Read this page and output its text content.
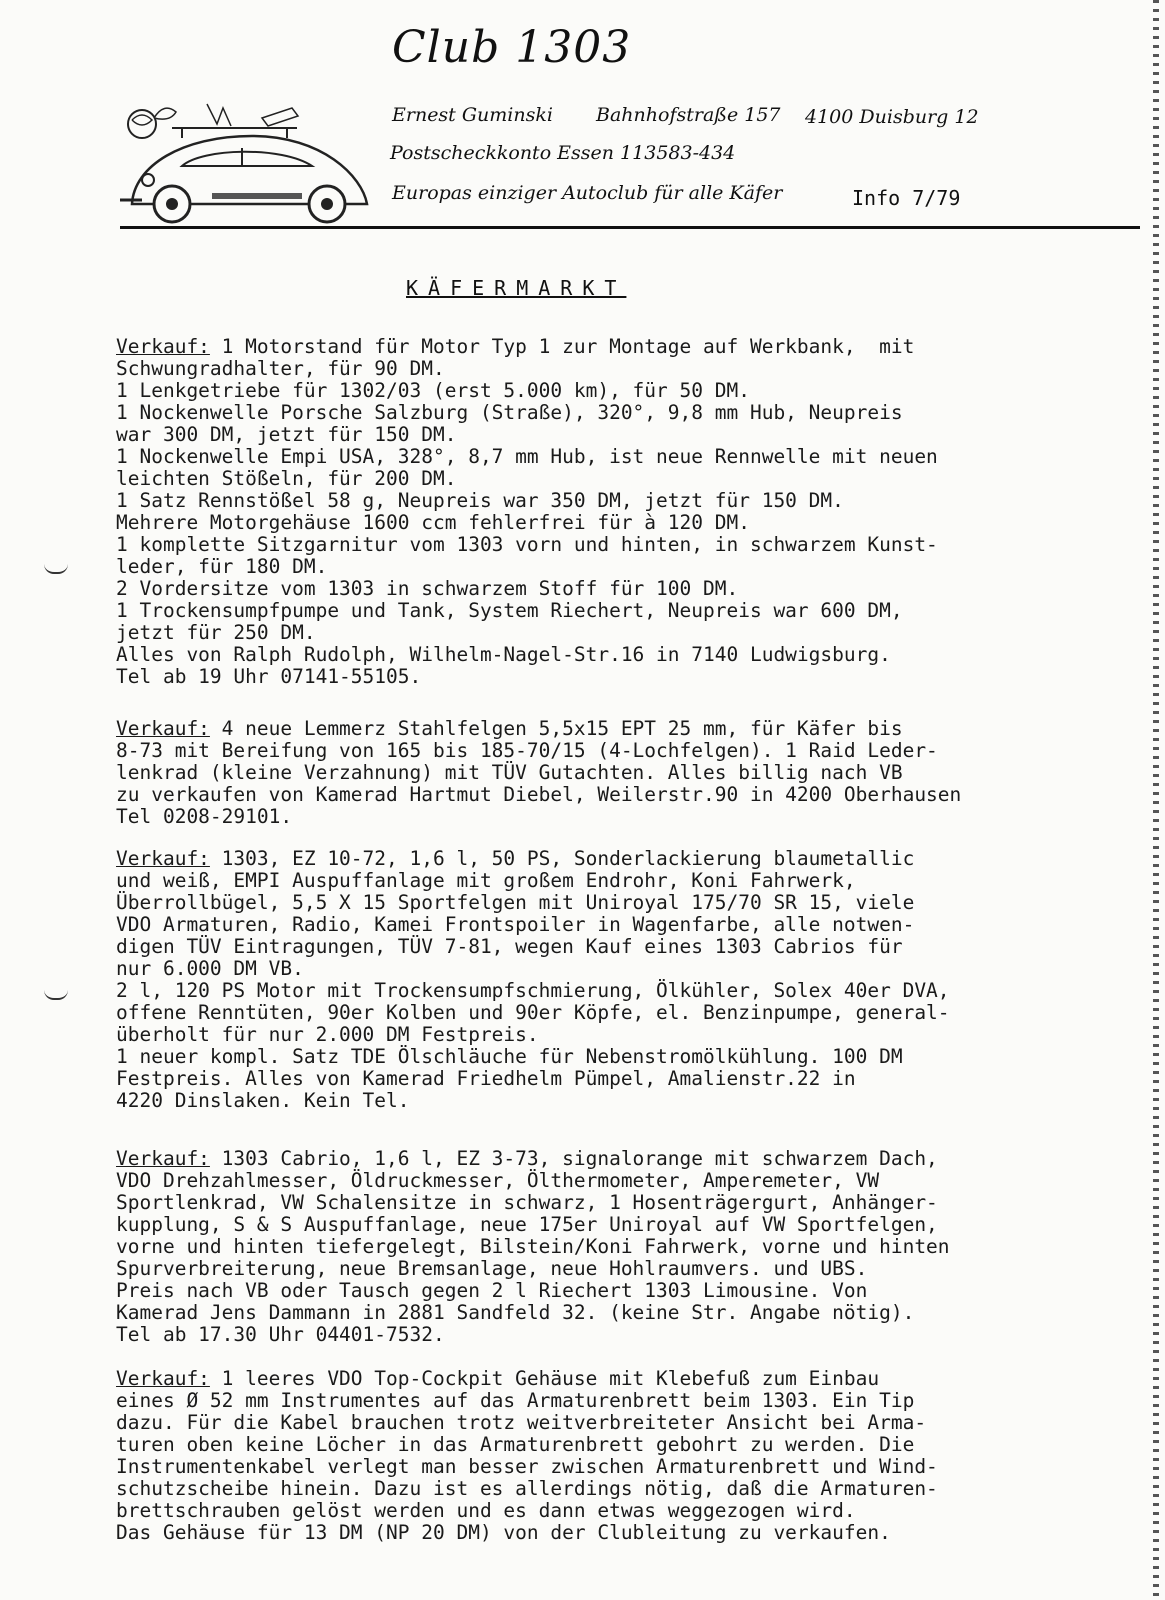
Club 1303
Ernest Guminski Bahnhofstraße 157 4100 Duisburg 12
Postscheckkonto Essen 113583-434
Europas einziger Autoclub für alle Käfer	Info 7/79
KÄFERMARKT

Verkauf: 1 Motorstand für Motor Typ 1 zur Montage auf Werkbank,  mit

Schwungradhalter, für 90 DM.

1 Lenkgetriebe für 1302/03 (erst 5.000 km), für 50 DM.

1 Nockenwelle Porsche Salzburg (Straße), 320°, 9,8 mm Hub, Neupreis

war 300 DM, jetzt für 150 DM.

1 Nockenwelle Empi USA, 328°, 8,7 mm Hub, ist neue Rennwelle mit neuen

leichten Stößeln, für 200 DM.

1 Satz Rennstößel 58 g, Neupreis war 350 DM, jetzt für 150 DM.

Mehrere Motorgehäuse 1600 ccm fehlerfrei für à 120 DM.

1 komplette Sitzgarnitur vom 1303 vorn und hinten, in schwarzem Kunst-

leder, für 180 DM.

2 Vordersitze vom 1303 in schwarzem Stoff für 100 DM.

1 Trockensumpfpumpe und Tank, System Riechert, Neupreis war 600 DM,

jetzt für 250 DM.

Alles von Ralph Rudolph, Wilhelm-Nagel-Str.16 in 7140 Ludwigsburg.

Tel ab 19 Uhr 07141-55105.

Verkauf: 4 neue Lemmerz Stahlfelgen 5,5x15 EPT 25 mm, für Käfer bis

8-73 mit Bereifung von 165 bis 185-70/15 (4-Lochfelgen). 1 Raid Leder-

lenkrad (kleine Verzahnung) mit TÜV Gutachten. Alles billig nach VB

zu verkaufen von Kamerad Hartmut Diebel, Weilerstr.90 in 4200 Oberhausen

Tel 0208-29101.

Verkauf: 1303, EZ 10-72, 1,6 l, 50 PS, Sonderlackierung blaumetallic

und weiß, EMPI Auspuffanlage mit großem Endrohr, Koni Fahrwerk,

Überrollbügel, 5,5 X 15 Sportfelgen mit Uniroyal 175/70 SR 15, viele

VDO Armaturen, Radio, Kamei Frontspoiler in Wagenfarbe, alle notwen-

digen TÜV Eintragungen, TÜV 7-81, wegen Kauf eines 1303 Cabrios für

nur 6.000 DM VB.

2 l, 120 PS Motor mit Trockensumpfschmierung, Ölkühler, Solex 40er DVA,

offene Renntüten, 90er Kolben und 90er Köpfe, el. Benzinpumpe, general-

überholt für nur 2.000 DM Festpreis.

1 neuer kompl. Satz TDE Ölschläuche für Nebenstromölkühlung. 100 DM

Festpreis. Alles von Kamerad Friedhelm Pümpel, Amalienstr.22 in

4220 Dinslaken. Kein Tel.

Verkauf: 1303 Cabrio, 1,6 l, EZ 3-73, signalorange mit schwarzem Dach,

VDO Drehzahlmesser, Öldruckmesser, Ölthermometer, Amperemeter, VW

Sportlenkrad, VW Schalensitze in schwarz, 1 Hosenträgergurt, Anhänger-

kupplung, S & S Auspuffanlage, neue 175er Uniroyal auf VW Sportfelgen,

vorne und hinten tiefergelegt, Bilstein/Koni Fahrwerk, vorne und hinten

Spurverbreiterung, neue Bremsanlage, neue Hohlraumvers. und UBS.

Preis nach VB oder Tausch gegen 2 l Riechert 1303 Limousine. Von

Kamerad Jens Dammann in 2881 Sandfeld 32. (keine Str. Angabe nötig).

Tel ab 17.30 Uhr 04401-7532.

Verkauf: 1 leeres VDO Top-Cockpit Gehäuse mit Klebefuß zum Einbau

eines Ø 52 mm Instrumentes auf das Armaturenbrett beim 1303. Ein Tip

dazu. Für die Kabel brauchen trotz weitverbreiteter Ansicht bei Arma-

turen oben keine Löcher in das Armaturenbrett gebohrt zu werden. Die

Instrumentenkabel verlegt man besser zwischen Armaturenbrett und Wind-

schutzscheibe hinein. Dazu ist es allerdings nötig, daß die Armaturen-

brettschrauben gelöst werden und es dann etwas weggezogen wird.

Das Gehäuse für 13 DM (NP 20 DM) von der Clubleitung zu verkaufen.
